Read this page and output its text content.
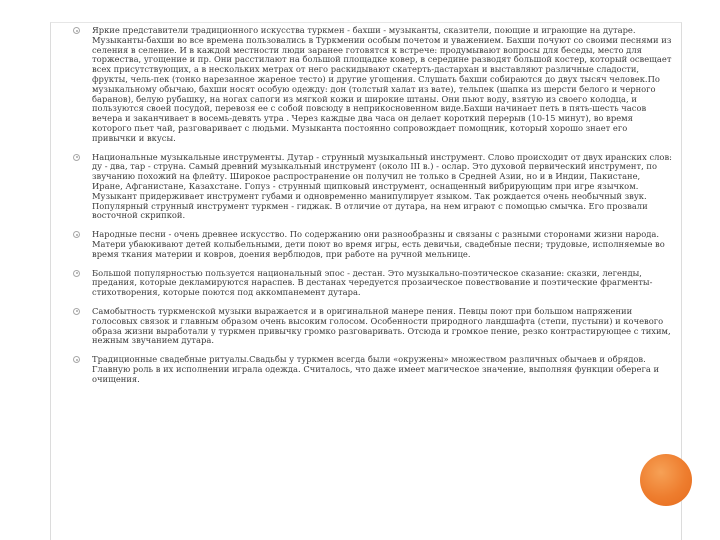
Яркие представители традиционного искусства туркмен - бахши - музыканты, сказители, поющие и играющие на дутаре. Музыканты-бахши во все времена пользовались в Туркмении особым почетом и уважением. Бахши почуют со своими песнями из селения в селение. И в каждой местности люди заранее готовятся к встрече: продумывают вопросы для беседы, место для торжества, угощение и пр. Они расстилают на большой площадке ковер, в середине разводят большой костер, который освещает всех присутствующих, а в нескольких метрах от него раскидывают скатерть-дастархан и выставляют различные сладости, фрукты, чель-пек (тонко нарезанное жареное тесто) и другие угощения. Слушать бахши собираются до двух тысяч человек.По музыкальному обычаю, бахши носят особую одежду: дон (толстый халат из вате), тельпек (шапка из шерсти белого и черного баранов), белую рубашку, на ногах сапоги из мягкой кожи и широкие штаны. Они пьют воду, взятую из своего колодца, и пользуются своей посудой, перевозя ее с собой повсюду в неприкосновенном виде.Бахши начинает петь в пять-шесть часов вечера и заканчивает в восемь-девять утра . Через каждые два часа он делает короткий перерыв (10-15 минут), во время которого пьет чай, разговаривает с людьми. Музыканта постоянно сопровождает помощник, который хорошо знает его привычки и вкусы.
Национальные музыкальные инструменты. Дутар - струнный музыкальный инструмент. Слово происходит от двух иранских слов: ду - два, тар - струна. Самый древний музыкальный инструмент (около III в.) - ослар. Это духовой первический инструмент, по звучанию похожий на флейту. Широкое распространение он получил не только в Средней Азии, но и в Индии, Пакистане, Иране, Афганистане, Казахстане. Гопуз - струнный щипковый инструмент, оснащенный вибрирующим при игре язычком. Музыкант придерживает инструмент губами и одновременно манипулирует языком. Так рождается очень необычный звук. Популярный струнный инструмент туркмен - гиджак. В отличие от дутара, на нем играют с помощью смычка. Его прозвали восточной скрипкой.
Народные песни - очень древнее искусство. По содержанию они разнообразны и связаны с разными сторонами жизни народа. Матери убаюкивают детей колыбельными, дети поют во время игры, есть девичьи, свадебные песни; трудовые, исполняемые во время ткания материи и ковров, доения верблюдов, при работе на ручной мельнице.
Большой популярностью пользуется национальный эпос - дестан. Это музыкально-поэтическое сказание: сказки, легенды, предания, которые декламируются нараспев. В дестанах чередуется прозаическое повествование и поэтические фрагменты-стихотворения, которые поются под аккомпанемент дутара.
Самобытность туркменской музыки выражается и в оригинальной манере пения. Певцы поют при большом напряжении голосовых связок и главным образом очень высоким голосом. Особенности природного ландшафта (степи, пустыни) и кочевого образа жизни выработали у туркмен привычку громко разговаривать. Отсюда и громкое пение, резко контрастирующее с тихим, нежным звучанием дутара.
Традиционные свадебные ритуалы.Свадьбы у туркмен всегда были «окружены» множеством различных обычаев и обрядов. Главную роль в их исполнении играла одежда. Считалось, что даже имеет магическое значение, выполняя функции оберега и очищения.
